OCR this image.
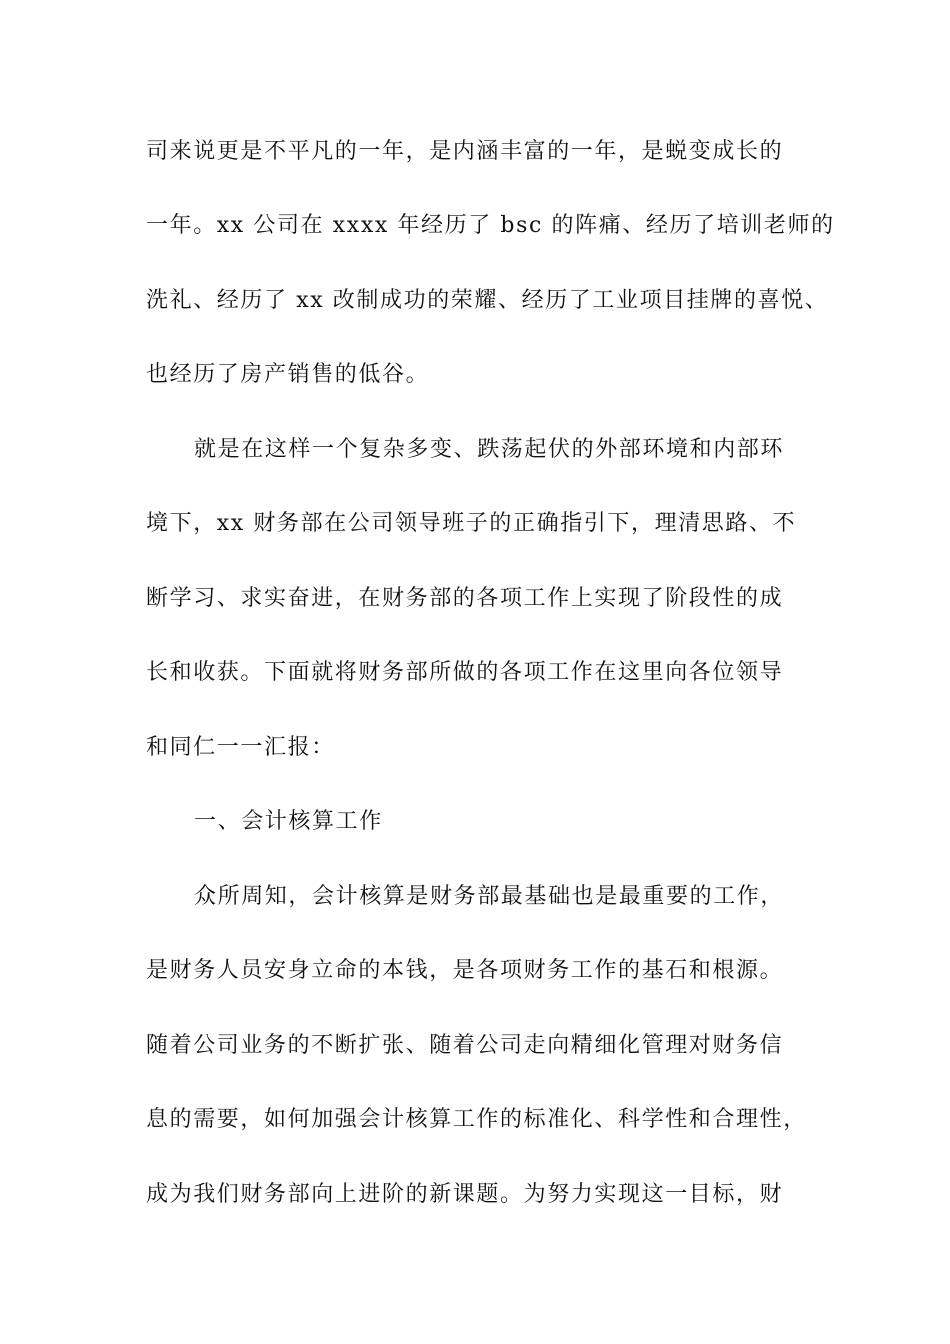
司来说更是不平凡的一年，是内涵丰富的一年，是蜕变成长的
一年。xx 公司在 xxxx 年经历了 bsc 的阵痛、经历了培训老师的
洗礼、经历了 xx 改制成功的荣耀、经历了工业项目挂牌的喜悦、
也经历了房产销售的低谷。
就是在这样一个复杂多变、跌荡起伏的外部环境和内部环
境下，xx 财务部在公司领导班子的正确指引下，理清思路、不
断学习、求实奋进，在财务部的各项工作上实现了阶段性的成
长和收获。下面就将财务部所做的各项工作在这里向各位领导
和同仁一一汇报：
一、会计核算工作
众所周知，会计核算是财务部最基础也是最重要的工作，
是财务人员安身立命的本钱，是各项财务工作的基石和根源。
随着公司业务的不断扩张、随着公司走向精细化管理对财务信
息的需要，如何加强会计核算工作的标准化、科学性和合理性，
成为我们财务部向上进阶的新课题。为努力实现这一目标，财
